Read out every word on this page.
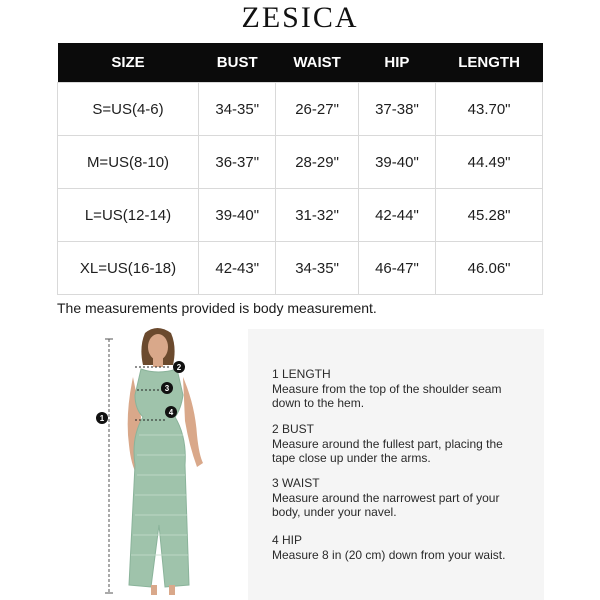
ZESICA
SIZE	BUST	WAIST	HIP	LENGTH
S=US(4-6)	34-35"	26-27"	37-38"	43.70"
M=US(8-10)	36-37"	28-29"	39-40"	44.49"
L=US(12-14)	39-40"	31-32"	42-44"	45.28"
XL=US(16-18)	42-43"	34-35"	46-47"	46.06"
The measurements provided is body measurement.
1
2
3
4
1 LENGTH
Measure from the top of the shoulder seam down to the hem.
2 BUST
Measure around the fullest part, placing the tape close up under the arms.
3 WAIST
Measure around the narrowest part of your body, under your navel.
4 HIP
Measure 8 in (20 cm) down from your waist.
